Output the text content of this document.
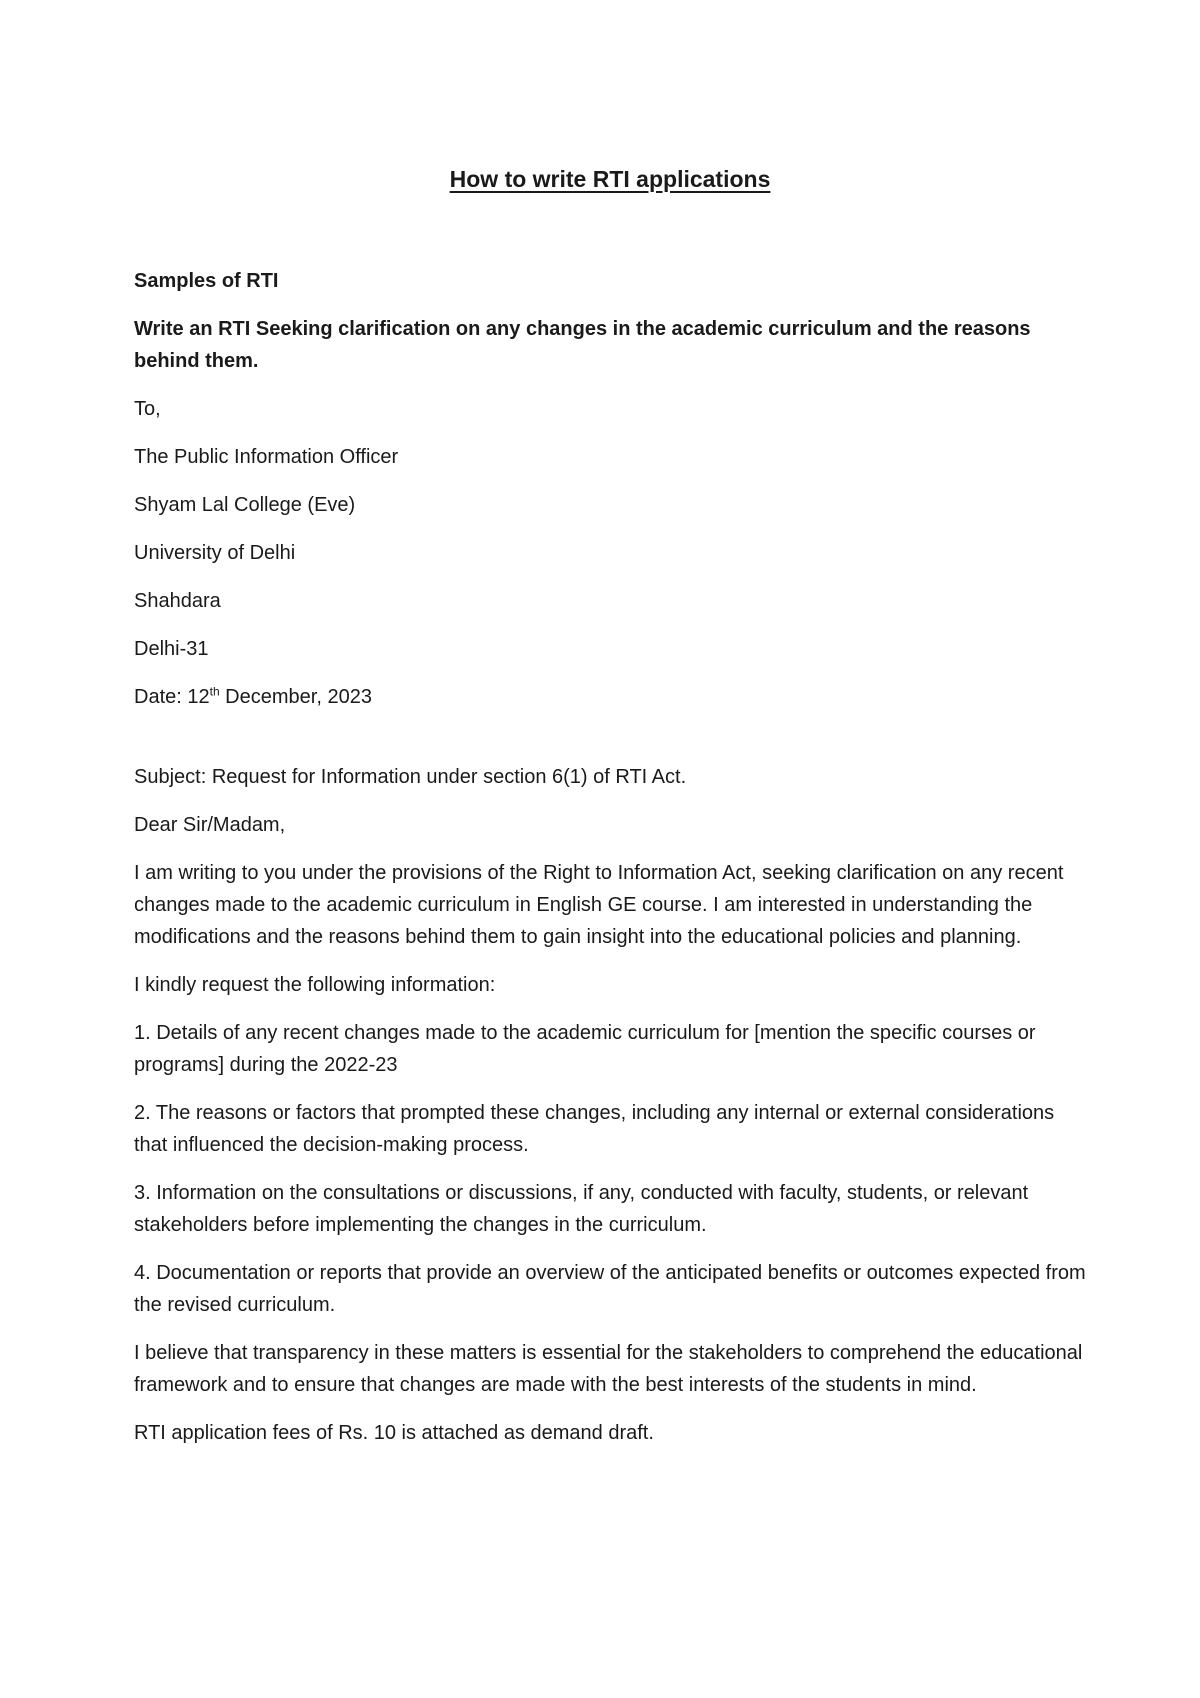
How to write RTI applications

Samples of RTI

Write an RTI Seeking clarification on any changes in the academic curriculum and the reasons behind them.

To,

The Public Information Officer

Shyam Lal College (Eve)

University of Delhi

Shahdara

Delhi-31

Date: 12th December, 2023

Subject: Request for Information under section 6(1) of RTI Act.

Dear Sir/Madam,

I am writing to you under the provisions of the Right to Information Act, seeking clarification on any recent changes made to the academic curriculum in English GE course. I am interested in understanding the modifications and the reasons behind them to gain insight into the educational policies and planning.

I kindly request the following information:

1. Details of any recent changes made to the academic curriculum for [mention the specific courses or programs] during the 2022-23

2. The reasons or factors that prompted these changes, including any internal or external considerations that influenced the decision-making process.

3. Information on the consultations or discussions, if any, conducted with faculty, students, or relevant stakeholders before implementing the changes in the curriculum.

4. Documentation or reports that provide an overview of the anticipated benefits or outcomes expected from the revised curriculum.

I believe that transparency in these matters is essential for the stakeholders to comprehend the educational framework and to ensure that changes are made with the best interests of the students in mind.

RTI application fees of Rs. 10 is attached as demand draft.
